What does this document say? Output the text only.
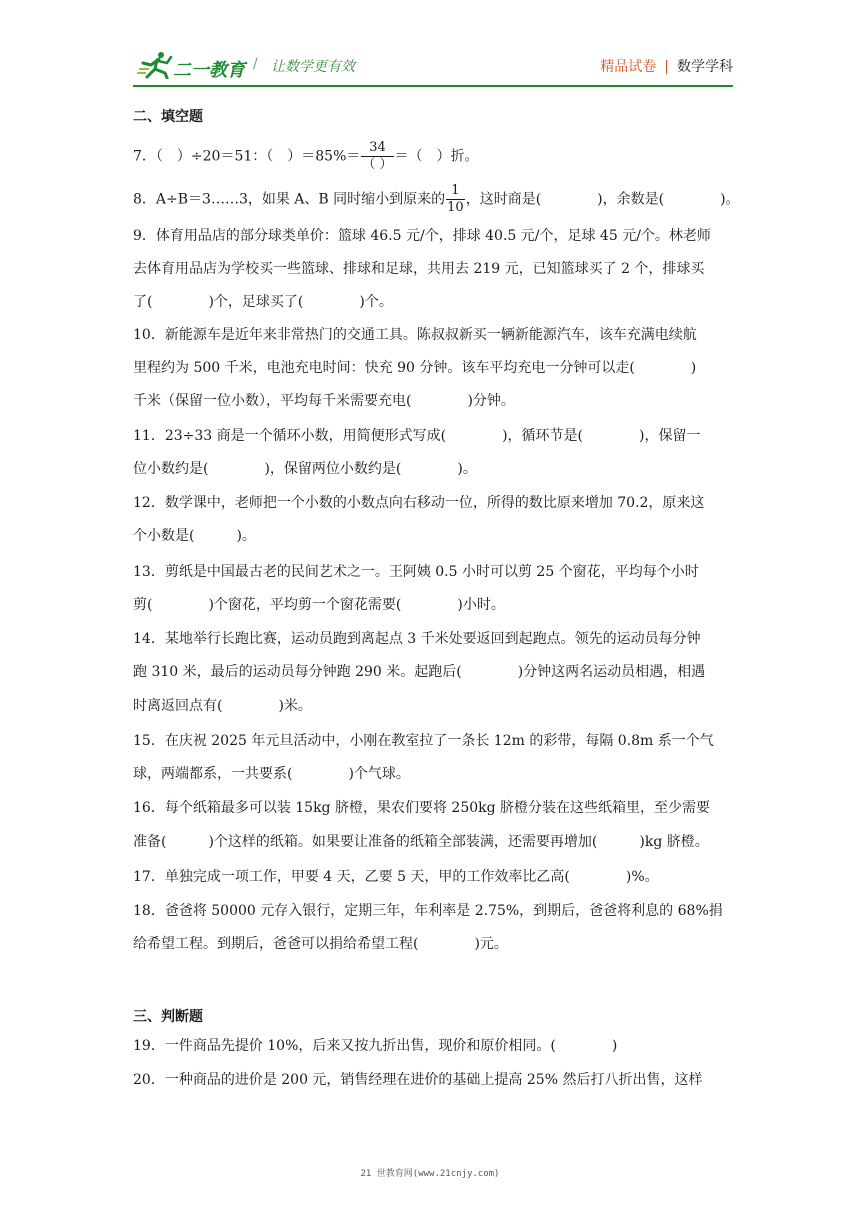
二一教育 / 让数学更有效	精品试卷 | 数学学科
二、填空题
7．（　）÷20＝51：（　）$=85\%= \frac{34}{( )}$ ＝（　）折。
8．A÷B＝3……3，如果 A、B 同时缩小到原来的 $\frac{1}{10}$ ，这时商是(　　　　)，余数是(　　　　)。
9．体育用品店的部分球类单价：篮球 46.5 元/个，排球 40.5 元/个，足球 45 元/个。林老师
去体育用品店为学校买一些篮球、排球和足球，共用去 219 元，已知篮球买了 2 个，排球买
了(　　　　)个，足球买了(　　　　)个。
10．新能源车是近年来非常热门的交通工具。陈叔叔新买一辆新能源汽车，该车充满电续航
里程约为 500 千米，电池充电时间：快充 90 分钟。该车平均充电一分钟可以走(　　　　)
千米（保留一位小数），平均每千米需要充电(　　　　)分钟。
11．23÷33 商是一个循环小数，用简便形式写成(　　　　)，循环节是(　　　　)，保留一
位小数约是(　　　　)，保留两位小数约是(　　　　)。
12．数学课中，老师把一个小数的小数点向右移动一位，所得的数比原来增加 70.2，原来这
个小数是(　　　)。
13．剪纸是中国最古老的民间艺术之一。王阿姨 0.5 小时可以剪 25 个窗花，平均每个小时
剪(　　　　)个窗花，平均剪一个窗花需要(　　　　)小时。
14．某地举行长跑比赛，运动员跑到离起点 3 千米处要返回到起跑点。领先的运动员每分钟
跑 310 米，最后的运动员每分钟跑 290 米。起跑后(　　　　)分钟这两名运动员相遇，相遇
时离返回点有(　　　　)米。
15．在庆祝 2025 年元旦活动中，小刚在教室拉了一条长 12m 的彩带，每隔 0.8m 系一个气
球，两端都系，一共要系(　　　　)个气球。
16．每个纸箱最多可以装 15kg 脐橙，果农们要将 250kg 脐橙分装在这些纸箱里，至少需要
准备(　　　)个这样的纸箱。如果要让准备的纸箱全部装满，还需要再增加(　　　)kg 脐橙。
17．单独完成一项工作，甲要 4 天，乙要 5 天，甲的工作效率比乙高(　　　　)%。
18．爸爸将 50000 元存入银行，定期三年，年利率是 2.75%，到期后，爸爸将利息的 68%捐
给希望工程。到期后，爸爸可以捐给希望工程(　　　　)元。
三、判断题
19．一件商品先提价 10%，后来又按九折出售，现价和原价相同。(　　　　)
20．一种商品的进价是 200 元，销售经理在进价的基础上提高 25% 然后打八折出售，这样
21 世教育网(www.21cnjy.com)
